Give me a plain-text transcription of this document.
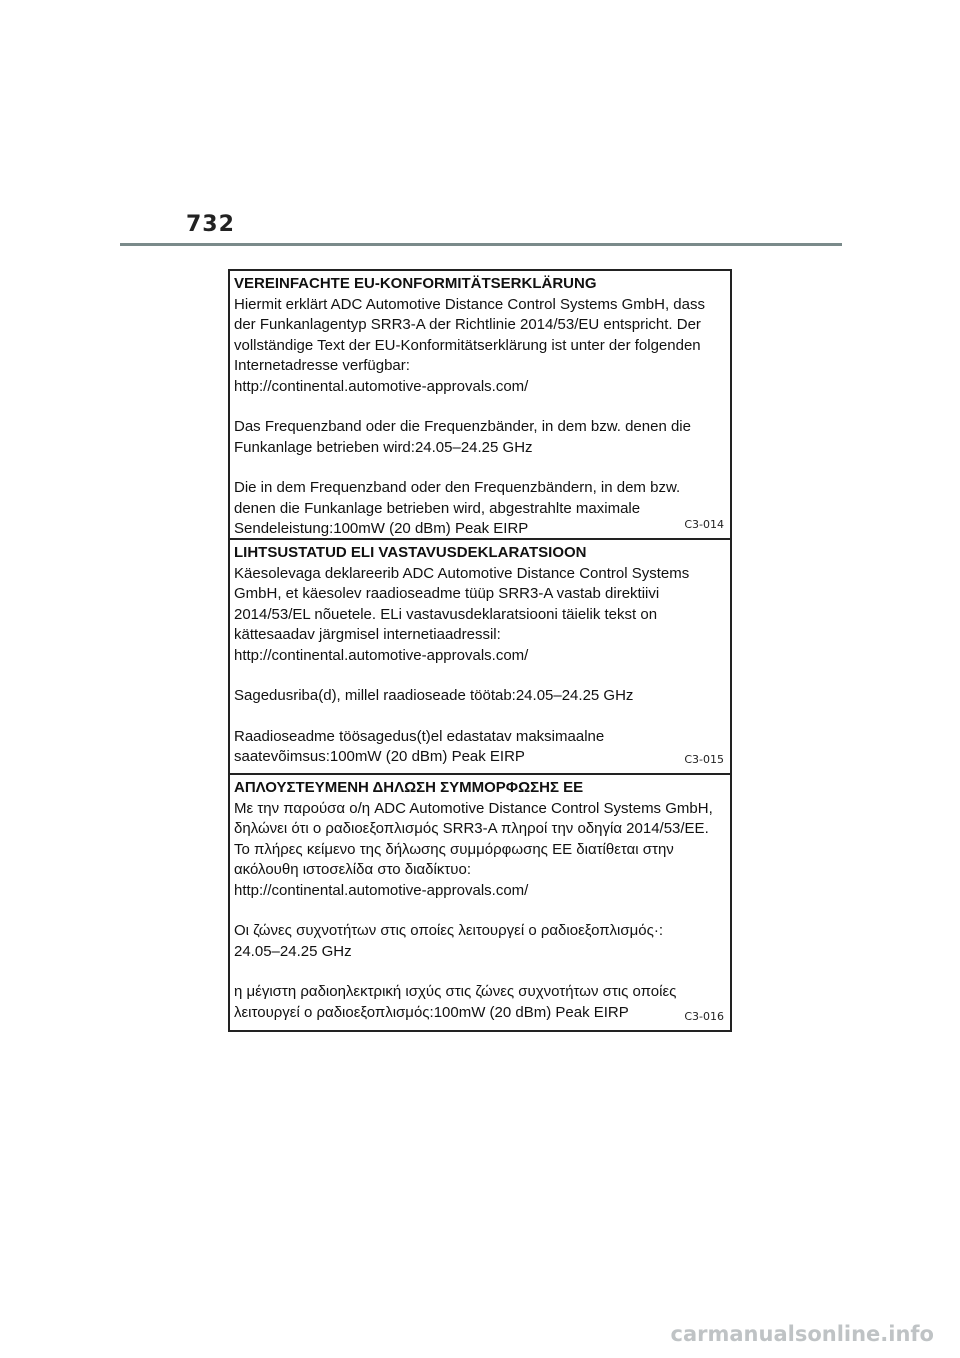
732
VEREINFACHTE EU-KONFORMITÄTSERKLÄRUNG
Hiermit erklärt ADC Automotive Distance Control Systems GmbH, dass
der Funkanlagentyp SRR3-A der Richtlinie 2014/53/EU entspricht. Der
vollständige Text der EU-Konformitätserklärung ist unter der folgenden
Internetadresse verfügbar:
http://continental.automotive-approvals.com/
Das Frequenzband oder die Frequenzbänder, in dem bzw. denen die
Funkanlage betrieben wird:24.05–24.25 GHz
Die in dem Frequenzband oder den Frequenzbändern, in dem bzw.
denen die Funkanlage betrieben wird, abgestrahlte maximale
Sendeleistung:100mW (20 dBm) Peak EIRP	C3-014
LIHTSUSTATUD ELI VASTAVUSDEKLARATSIOON
Käesolevaga deklareerib ADC Automotive Distance Control Systems
GmbH, et käesolev raadioseadme tüüp SRR3-A vastab direktiivi
2014/53/EL nõuetele. ELi vastavusdeklaratsiooni täielik tekst on
kättesaadav järgmisel internetiaadressil:
http://continental.automotive-approvals.com/
Sagedusriba(d), millel raadioseade töötab:24.05–24.25 GHz
Raadioseadme töösagedus(t)el edastatav maksimaalne
saatevõimsus:100mW (20 dBm) Peak EIRP	C3-015
ΑΠΛΟΥΣΤΕΥΜΕΝΗ ΔΗΛΩΣΗ ΣΥΜΜΟΡΦΩΣΗΣ ΕΕ
Με την παρούσα ο/η ADC Automotive Distance Control Systems GmbH,
δηλώνει ότι ο ραδιοεξοπλισμός SRR3-A πληροί την οδηγία 2014/53/ΕΕ.
Το πλήρες κείμενο της δήλωσης συμμόρφωσης ΕΕ διατίθεται στην
ακόλουθη ιστοσελίδα στο διαδίκτυο:
http://continental.automotive-approvals.com/
Οι ζώνες συχνοτήτων στις οποίες λειτουργεί ο ραδιοεξοπλισμός·:
24.05–24.25 GHz
η μέγιστη ραδιοηλεκτρική ισχύς στις ζώνες συχνοτήτων στις οποίες
λειτουργεί ο ραδιοεξοπλισμός:100mW (20 dBm) Peak EIRP	C3-016
carmanualsonline.info
